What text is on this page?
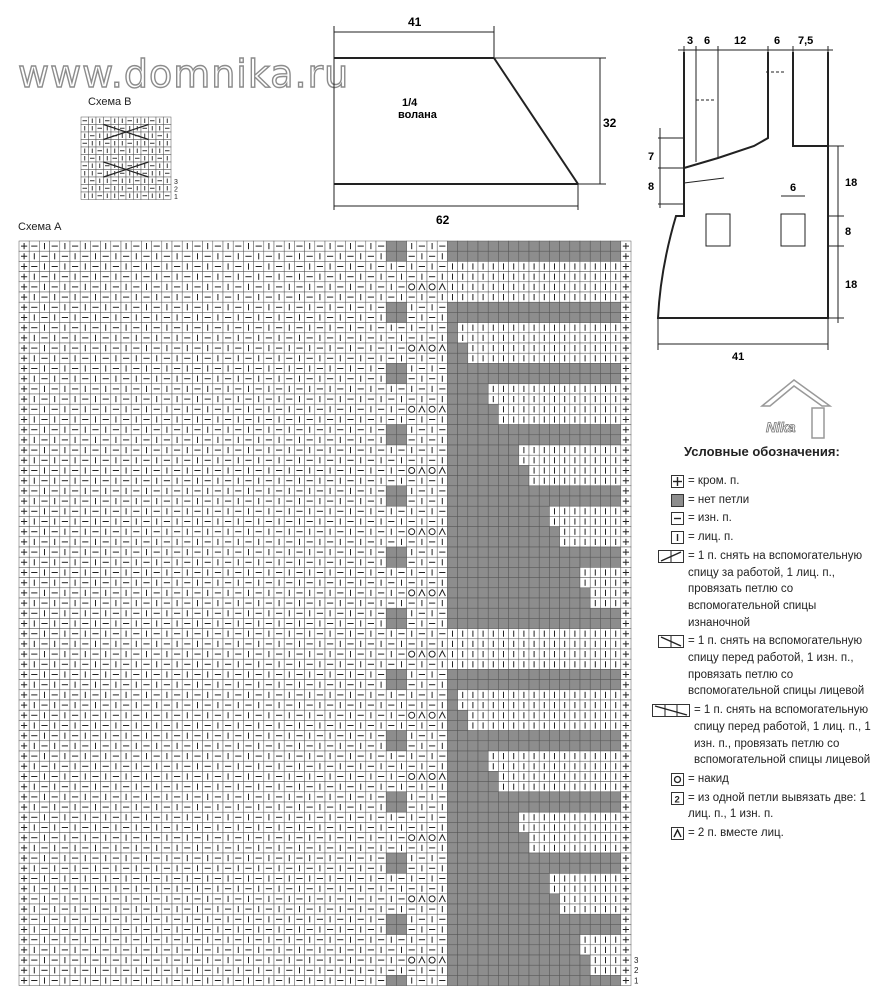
www.domnika.ru
Схема В
Схема А
41
32
62
1/4
волана
3 6 12	6 7,5
7
8	18
8
18
6
41
Nika
3
2
1
3
2
1
Условные обозначения:
= кром. п.
= нет петли
= изн. п.
= лиц. п.
= 1 п. снять на вспомогательную спицу за работой, 1 лиц. п., провязать петлю со вспомогательной спицы изнаночной
= 1 п. снять на вспомогательную спицу перед работой, 1 изн. п., провязать петлю со вспомогательной спицы лицевой
= 1 п. снять на вспомогательную спицу перед работой, 1 лиц. п., 1 изн. п., провязать петлю со вспомогательной спицы лицевой
= накид
2 = из одной петли вывязать две: 1 лиц. п., 1 изн. п.
= 2 п. вместе лиц.
